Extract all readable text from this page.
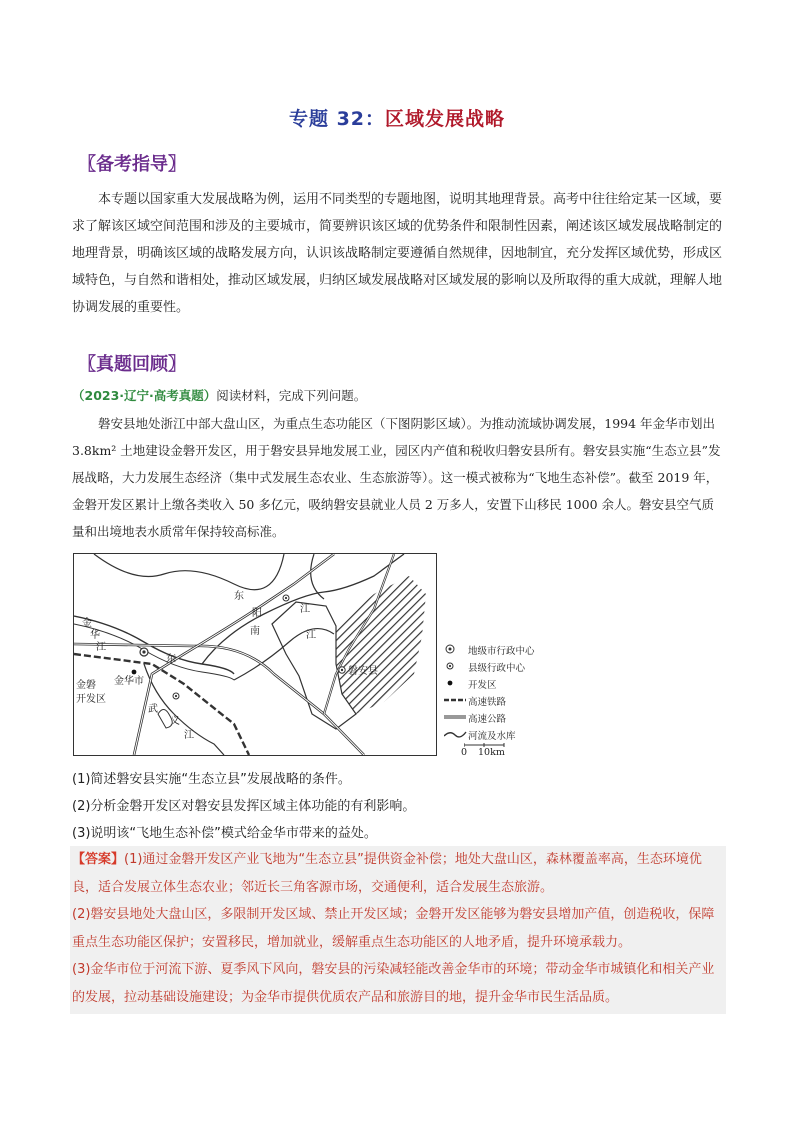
专题 32：区域发展战略
〖备考指导〗
本专题以国家重大发展战略为例，运用不同类型的专题地图，说明其地理背景。高考中往往给定某一区域，要求了解该区域空间范围和涉及的主要城市，简要辨识该区域的优势条件和限制性因素，阐述该区域发展战略制定的地理背景，明确该区域的战略发展方向，认识该战略制定要遵循自然规律，因地制宜，充分发挥区域优势，形成区域特色，与自然和谐相处，推动区域发展，归纳区域发展战略对区域发展的影响以及所取得的重大成就，理解人地协调发展的重要性。
〖真题回顾〗
（2023·辽宁·高考真题）阅读材料，完成下列问题。
磐安县地处浙江中部大盘山区，为重点生态功能区（下图阴影区域）。为推动流域协调发展，1994 年金华市划出 3.8km² 土地建设金磐开发区，用于磐安县异地发展工业，园区内产值和税收归磐安县所有。磐安县实施“生态立县”发展战略，大力发展生态经济（集中式发展生态农业、生态旅游等）。这一模式被称为“飞地生态补偿”。截至 2019 年，金磐开发区累计上缴各类收入 50 多亿元，吸纳磐安县就业人员 2 万多人，安置下山移民 1000 余人。磐安县空气质量和出境地表水质常年保持较高标准。
金
华
江
东
金华市
金磐
开发区
武
义
江
东
阳	江
南	江
磐安县
地级市行政中心
县级行政中心
开发区
高速铁路
高速公路
河流及水库
0 10km
(1)简述磐安县实施“生态立县”发展战略的条件。
(2)分析金磐开发区对磐安县发挥区域主体功能的有利影响。
(3)说明该“飞地生态补偿”模式给金华市带来的益处。
【答案】(1)通过金磐开发区产业飞地为“生态立县”提供资金补偿；地处大盘山区，森林覆盖率高，生态环境优良，适合发展立体生态农业；邻近长三角客源市场，交通便利，适合发展生态旅游。
(2)磐安县地处大盘山区，多限制开发区域、禁止开发区域；金磐开发区能够为磐安县增加产值，创造税收，保障重点生态功能区保护；安置移民，增加就业，缓解重点生态功能区的人地矛盾，提升环境承载力。
(3)金华市位于河流下游、夏季风下风向，磐安县的污染减轻能改善金华市的环境；带动金华市城镇化和相关产业的发展，拉动基础设施建设；为金华市提供优质农产品和旅游目的地，提升金华市民生活品质。
